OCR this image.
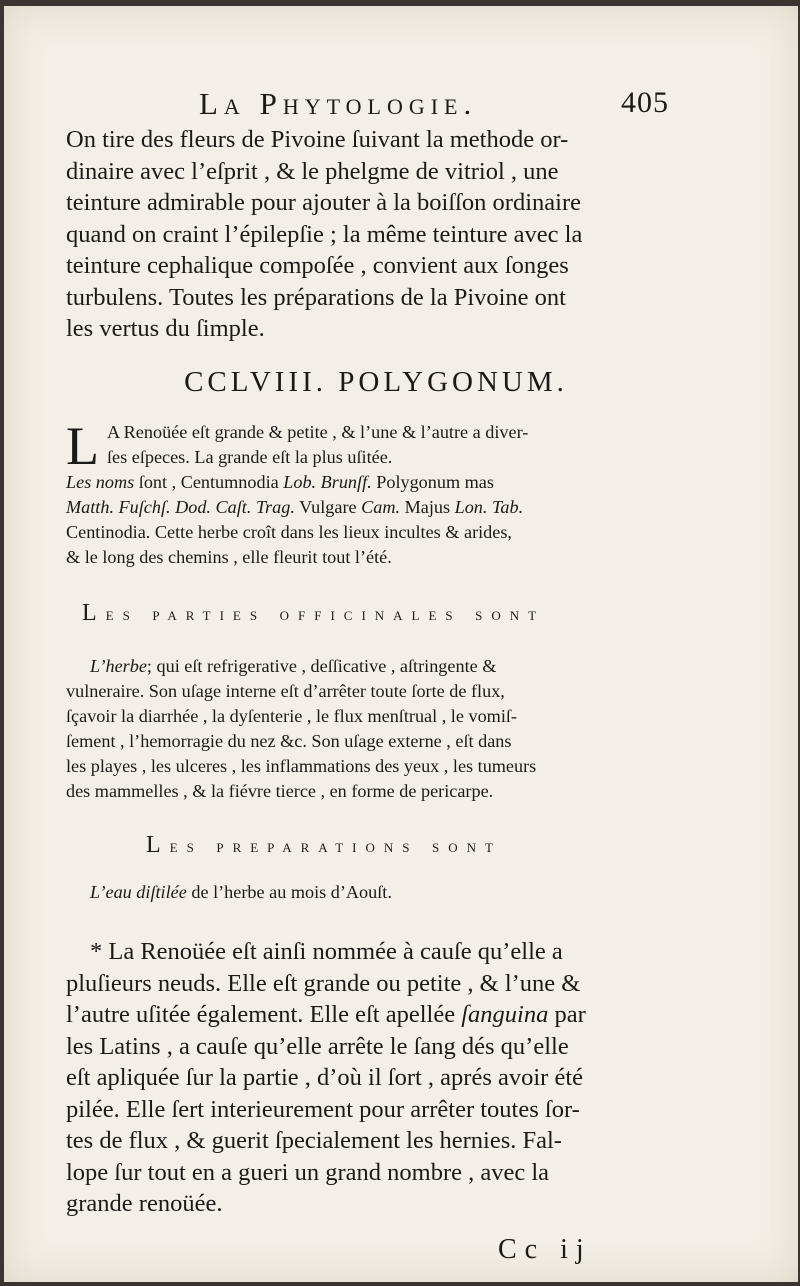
La Phytologie.	405

On tire des fleurs de Pivoine ſuivant la methode or-

dinaire avec l’eſprit , & le phelgme de vitriol , une

teinture admirable pour ajouter à la boiſſon ordinaire

quand on craint l’épilepſie ; la même teinture avec la

teinture cephalique compoſée , convient aux ſonges

turbulens. Toutes les préparations de la Pivoine ont

les vertus du ſimple.

CCLVIII. POLYGONUM.
L A Renoüée eſt grande & petite , & l’une & l’autre a diver-

ſes eſpeces. La grande eſt la plus uſitée.

Les noms ſont , Centumnodia Lob. Brunſf. Polygonum mas

Matth. Fuſchſ. Dod. Caſt. Trag. Vulgare Cam. Majus Lon. Tab.

Centinodia. Cette herbe croît dans les lieux incultes & arides,

& le long des chemins , elle fleurit tout l’été.

Les parties officinales sont

L’herbe; qui eſt refrigerative , deſſicative , aſtringente &

vulneraire. Son uſage interne eſt d’arrêter toute ſorte de flux,

ſçavoir la diarrhée , la dyſenterie , le flux menſtrual , le vomiſ-

ſement , l’hemorragie du nez &c. Son uſage externe , eſt dans

les playes , les ulceres , les inflammations des yeux , les tumeurs

des mammelles , & la fiévre tierce , en forme de pericarpe.

Les preparations sont

L’eau diſtilée de l’herbe au mois d’Aouſt.

* La Renoüée eſt ainſi nommée à cauſe qu’elle a

pluſieurs neuds. Elle eſt grande ou petite , & l’une &

l’autre uſitée également. Elle eſt apellée ſanguina par

les Latins , a cauſe qu’elle arrête le ſang dés qu’elle

eſt apliquée ſur la partie , d’où il ſort , aprés avoir été

pilée. Elle ſert interieurement pour arrêter toutes ſor-

tes de flux , & guerit ſpecialement les hernies. Fal-

lope ſur tout en a gueri un grand nombre , avec la

grande renoüée.

Cc ij
